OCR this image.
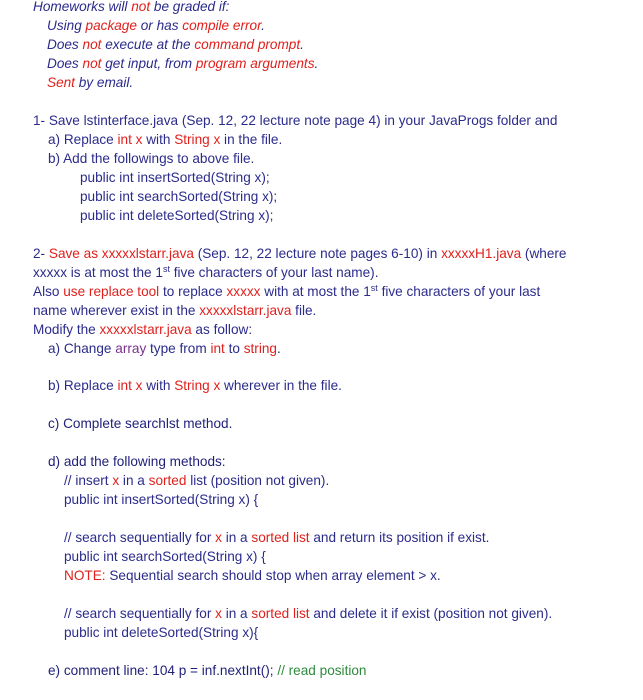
Homeworks will not be graded if:
Using package or has compile error.
Does not execute at the command prompt.
Does not get input, from program arguments.
Sent by email.
1- Save lstinterface.java (Sep. 12, 22 lecture note page 4) in your JavaProgs folder and
a) Replace int x with String x in the file.
b) Add the followings to above file.
public int insertSorted(String x);
public int searchSorted(String x);
public int deleteSorted(String x);
2- Save as xxxxxlstarr.java (Sep. 12, 22 lecture note pages 6-10) in xxxxxH1.java (where
xxxxx is at most the 1st five characters of your last name).
Also use replace tool to replace xxxxx with at most the 1st five characters of your last
name wherever exist in the xxxxxlstarr.java file.
Modify the xxxxxlstarr.java as follow:
a) Change array type from int to string.
b) Replace int x with String x wherever in the file.
c) Complete searchlst method.
d) add the following methods:
// insert x in a sorted list (position not given).
public int insertSorted(String x) {
// search sequentially for x in a sorted list and return its position if exist.
public int searchSorted(String x) {
NOTE: Sequential search should stop when array element > x.
// search sequentially for x in a sorted list and delete it if exist (position not given).
public int deleteSorted(String x){
e) comment line: 104 p = inf.nextInt(); // read position
